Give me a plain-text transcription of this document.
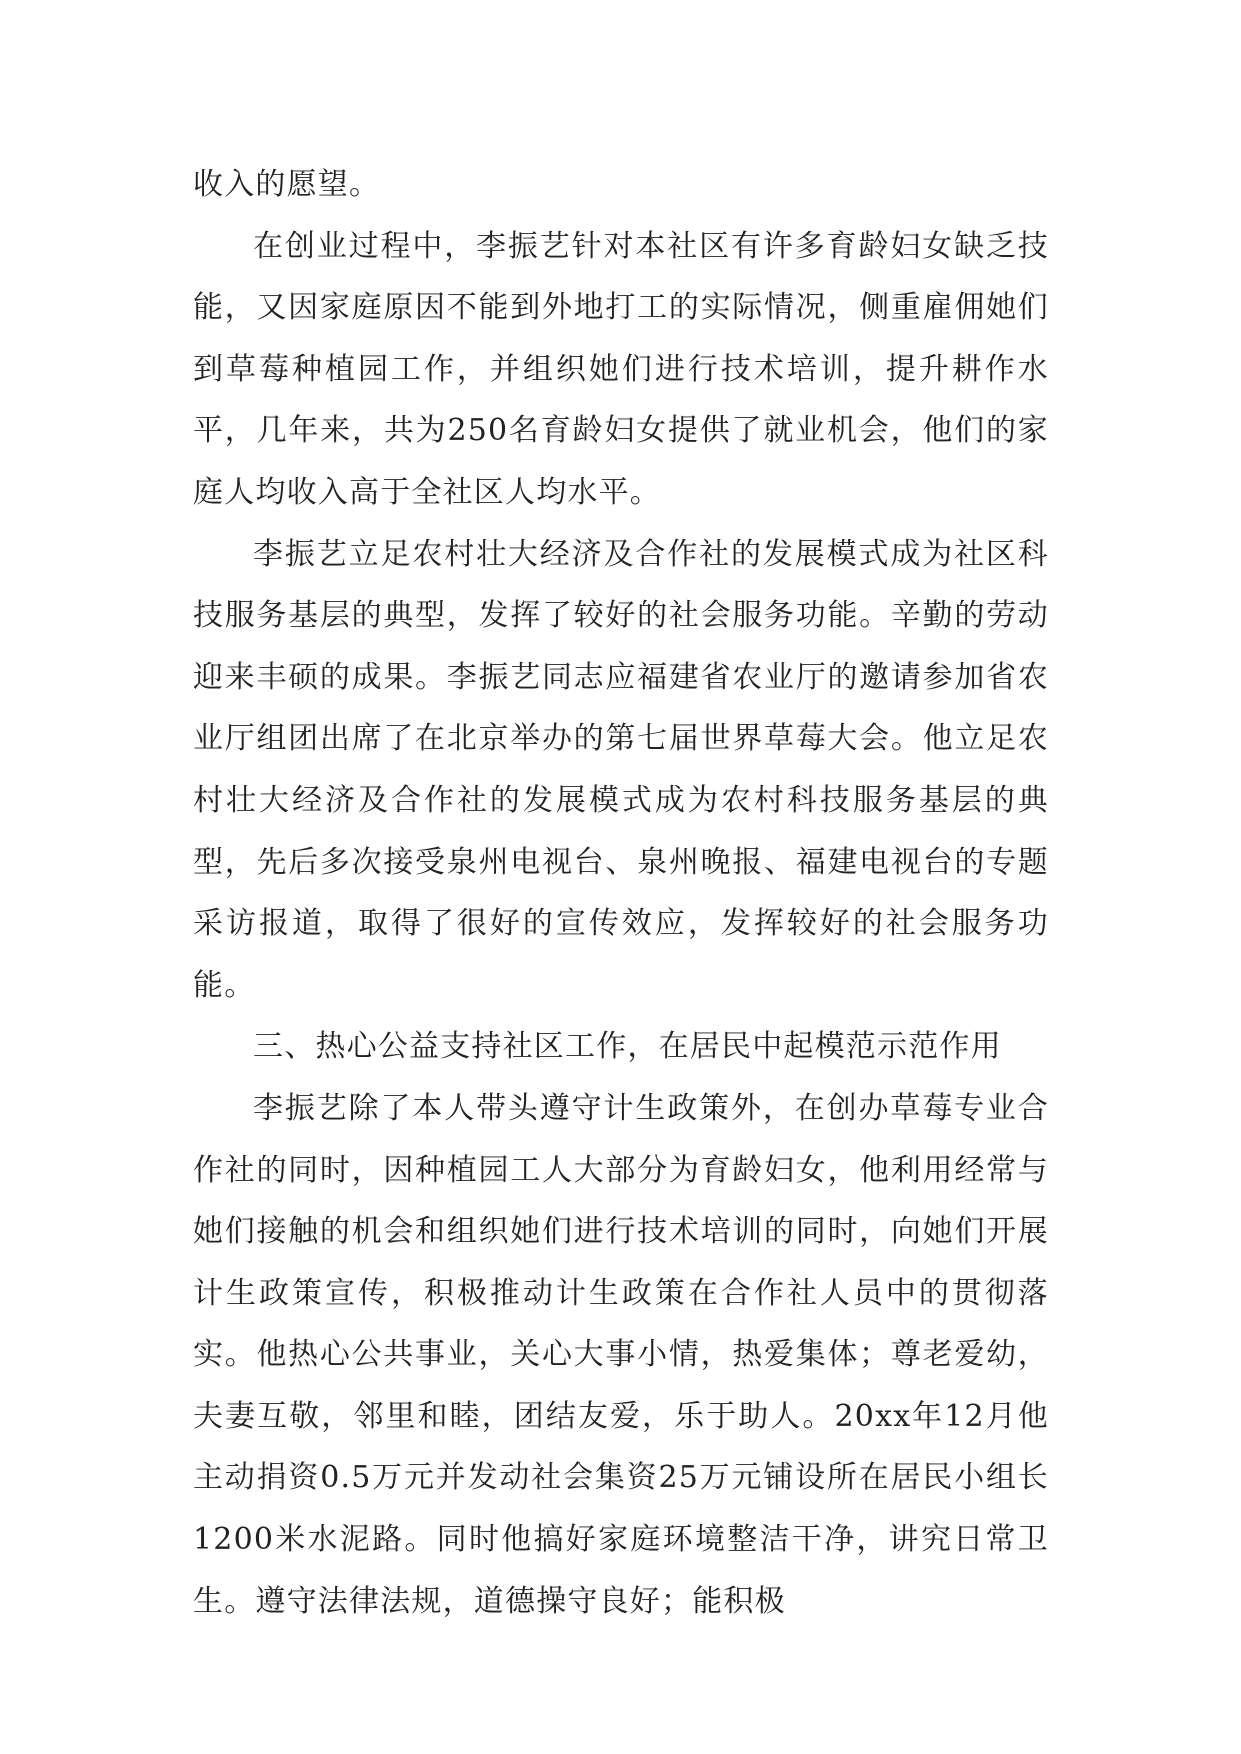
收入的愿望。

在创业过程中，李振艺针对本社区有许多育龄妇女缺乏技能，又因家庭原因不能到外地打工的实际情况，侧重雇佣她们到草莓种植园工作，并组织她们进行技术培训，提升耕作水平，几年来，共为250名育龄妇女提供了就业机会，他们的家庭人均收入高于全社区人均水平。

李振艺立足农村壮大经济及合作社的发展模式成为社区科技服务基层的典型，发挥了较好的社会服务功能。辛勤的劳动迎来丰硕的成果。李振艺同志应福建省农业厅的邀请参加省农业厅组团出席了在北京举办的第七届世界草莓大会。他立足农村壮大经济及合作社的发展模式成为农村科技服务基层的典型，先后多次接受泉州电视台、泉州晚报、福建电视台的专题采访报道，取得了很好的宣传效应，发挥较好的社会服务功能。

三、热心公益支持社区工作，在居民中起模范示范作用

李振艺除了本人带头遵守计生政策外，在创办草莓专业合作社的同时，因种植园工人大部分为育龄妇女，他利用经常与她们接触的机会和组织她们进行技术培训的同时，向她们开展计生政策宣传，积极推动计生政策在合作社人员中的贯彻落实。他热心公共事业，关心大事小情，热爱集体；尊老爱幼，夫妻互敬，邻里和睦，团结友爱，乐于助人。20xx年12月他主动捐资0.5万元并发动社会集资25万元铺设所在居民小组长1200米水泥路。同时他搞好家庭环境整洁干净，讲究日常卫生。遵守法律法规，道德操守良好；能积极
